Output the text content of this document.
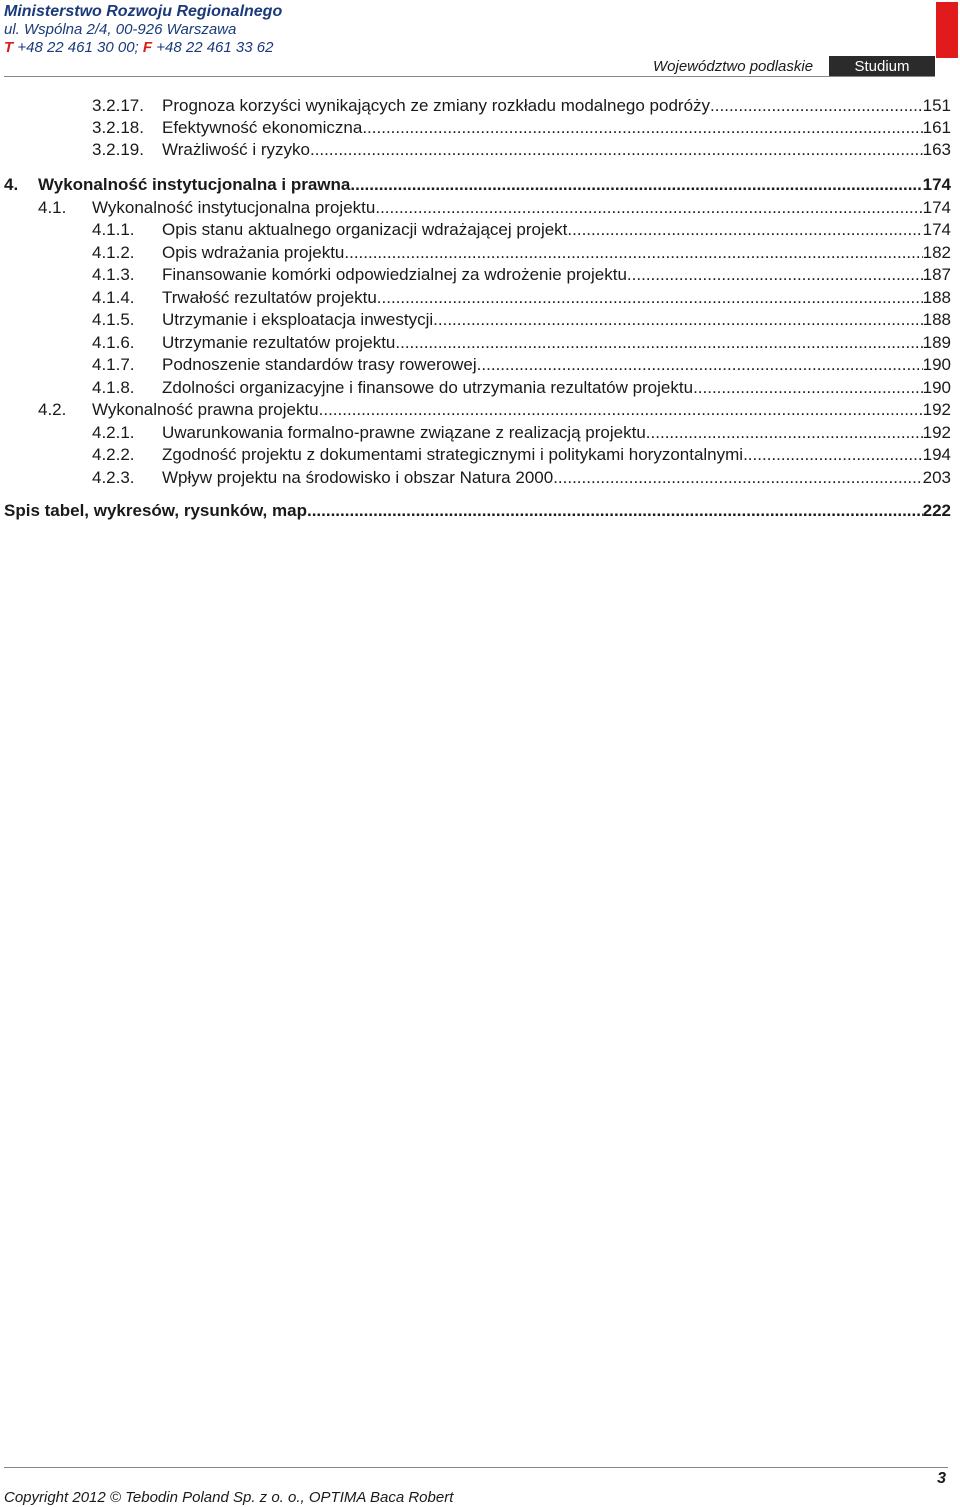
Ministerstwo Rozwoju Regionalnego
ul. Wspólna 2/4, 00-926 Warszawa
T +48 22 461 30 00; F +48 22 461 33 62
Województwo podlaskie	Studium
3.2.17.	Prognoza korzyści wynikających ze zmiany rozkładu modalnego podróży .....	151
3.2.18.	Efektywność ekonomiczna .....	161
3.2.19.	Wrażliwość i ryzyko .....	163
4.	Wykonalność instytucjonalna i prawna .....	174
4.1.	Wykonalność instytucjonalna projektu .....	174
4.1.1.	Opis stanu aktualnego organizacji wdrażającej projekt .....	174
4.1.2.	Opis wdrażania projektu .....	182
4.1.3.	Finansowanie komórki odpowiedzialnej za wdrożenie projektu .....	187
4.1.4.	Trwałość rezultatów projektu .....	188
4.1.5.	Utrzymanie i eksploatacja inwestycji .....	188
4.1.6.	Utrzymanie rezultatów projektu .....	189
4.1.7.	Podnoszenie standardów trasy rowerowej .....	190
4.1.8.	Zdolności organizacyjne i finansowe do utrzymania rezultatów projektu .....	190
4.2.	Wykonalność prawna projektu .....	192
4.2.1.	Uwarunkowania formalno-prawne związane z realizacją projektu .....	192
4.2.2.	Zgodność projektu z dokumentami strategicznymi i politykami horyzontalnymi .....	194
4.2.3.	Wpływ projektu na środowisko i obszar Natura 2000 .....	203
Spis tabel, wykresów, rysunków, map .....	222
3
Copyright 2012 © Tebodin Poland Sp. z o. o., OPTIMA Baca Robert
